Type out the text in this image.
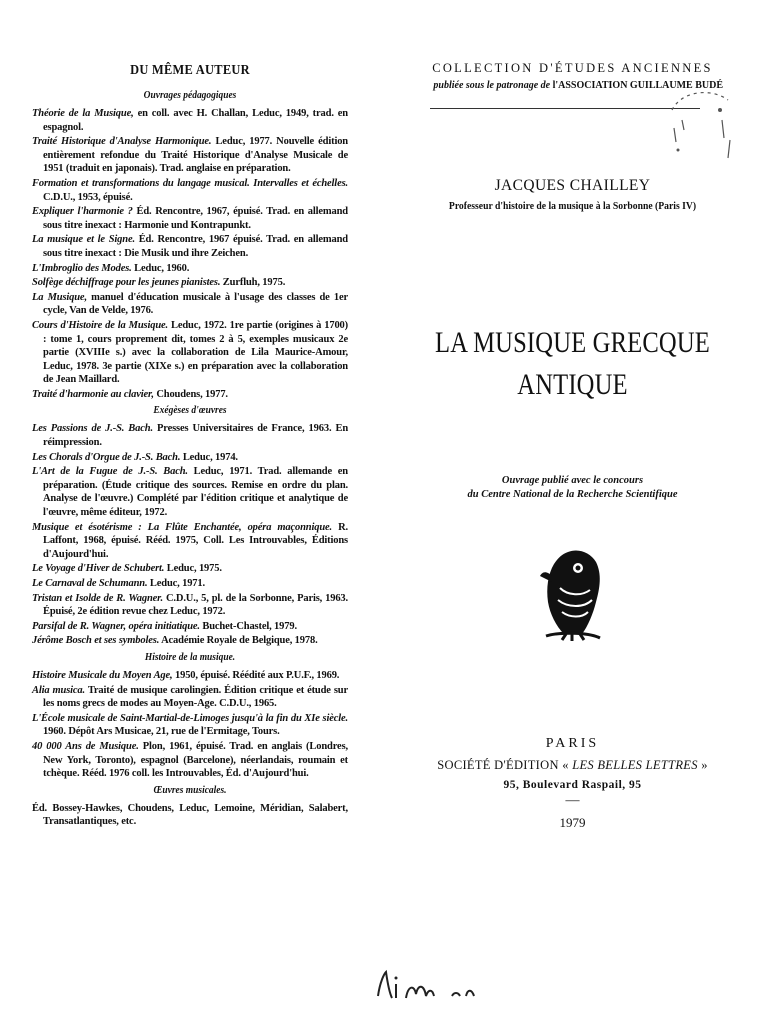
DU MÊME AUTEUR
Ouvrages pédagogiques

Théorie de la Musique, en coll. avec H. Challan, Leduc, 1949, trad. en espagnol.

Traité Historique d'Analyse Harmonique. Leduc, 1977. Nouvelle édition entièrement refondue du Traité Historique d'Analyse Musicale de 1951 (traduit en japonais). Trad. anglaise en préparation.

Formation et transformations du langage musical. Intervalles et échelles. C.D.U., 1953, épuisé.

Expliquer l'harmonie ? Éd. Rencontre, 1967, épuisé. Trad. en allemand sous titre inexact : Harmonie und Kontrapunkt.

La musique et le Signe. Éd. Rencontre, 1967 épuisé. Trad. en allemand sous titre inexact : Die Musik und ihre Zeichen.

L'Imbroglio des Modes. Leduc, 1960.

Solfège déchiffrage pour les jeunes pianistes. Zurfluh, 1975.

La Musique, manuel d'éducation musicale à l'usage des classes de 1er cycle, Van de Velde, 1976.

Cours d'Histoire de la Musique. Leduc, 1972. 1re partie (origines à 1700) : tome 1, cours proprement dit, tomes 2 à 5, exemples musicaux 2e partie (XVIIIe s.) avec la collaboration de Lila Maurice-Amour, Leduc, 1978. 3e partie (XIXe s.) en préparation avec la collaboration de Jean Maillard.

Traité d'harmonie au clavier, Choudens, 1977.

Exégèses d'œuvres

Les Passions de J.-S. Bach. Presses Universitaires de France, 1963. En réimpression.

Les Chorals d'Orgue de J.-S. Bach. Leduc, 1974.

L'Art de la Fugue de J.-S. Bach. Leduc, 1971. Trad. allemande en préparation. (Étude critique des sources. Remise en ordre du plan. Analyse de l'œuvre.) Complété par l'édition critique et analytique de l'œuvre, même éditeur, 1972.

Musique et ésotérisme : La Flûte Enchantée, opéra maçonnique. R. Laffont, 1968, épuisé. Rééd. 1975, Coll. Les Introuvables, Éditions d'Aujourd'hui.

Le Voyage d'Hiver de Schubert. Leduc, 1975.

Le Carnaval de Schumann. Leduc, 1971.

Tristan et Isolde de R. Wagner. C.D.U., 5, pl. de la Sorbonne, Paris, 1963. Épuisé, 2e édition revue chez Leduc, 1972.

Parsifal de R. Wagner, opéra initiatique. Buchet-Chastel, 1979.

Jérôme Bosch et ses symboles. Académie Royale de Belgique, 1978.

Histoire de la musique.

Histoire Musicale du Moyen Age, 1950, épuisé. Réédité aux P.U.F., 1969.

Alia musica. Traité de musique carolingien. Édition critique et étude sur les noms grecs de modes au Moyen-Age. C.D.U., 1965.

L'École musicale de Saint-Martial-de-Limoges jusqu'à la fin du XIe siècle. 1960. Dépôt Ars Musicae, 21, rue de l'Ermitage, Tours.

40 000 Ans de Musique. Plon, 1961, épuisé. Trad. en anglais (Londres, New York, Toronto), espagnol (Barcelone), néerlandais, roumain et tchèque. Rééd. 1976 coll. les Introuvables, Éd. d'Aujourd'hui.

Œuvres musicales.

Éd. Bossey-Hawkes, Choudens, Leduc, Lemoine, Méridian, Salabert, Transatlantiques, etc.

COLLECTION D'ÉTUDES ANCIENNES

publiée sous le patronage de l'ASSOCIATION GUILLAUME BUDÉ

JACQUES CHAILLEY

Professeur d'histoire de la musique à la Sorbonne (Paris IV)

LA MUSIQUE GRECQUE
ANTIQUE
Ouvrage publié avec le concours
du Centre National de la Recherche Scientifique

PARIS

SOCIÉTÉ D'ÉDITION « LES BELLES LETTRES »

95, Boulevard Raspail, 95

—

1979
